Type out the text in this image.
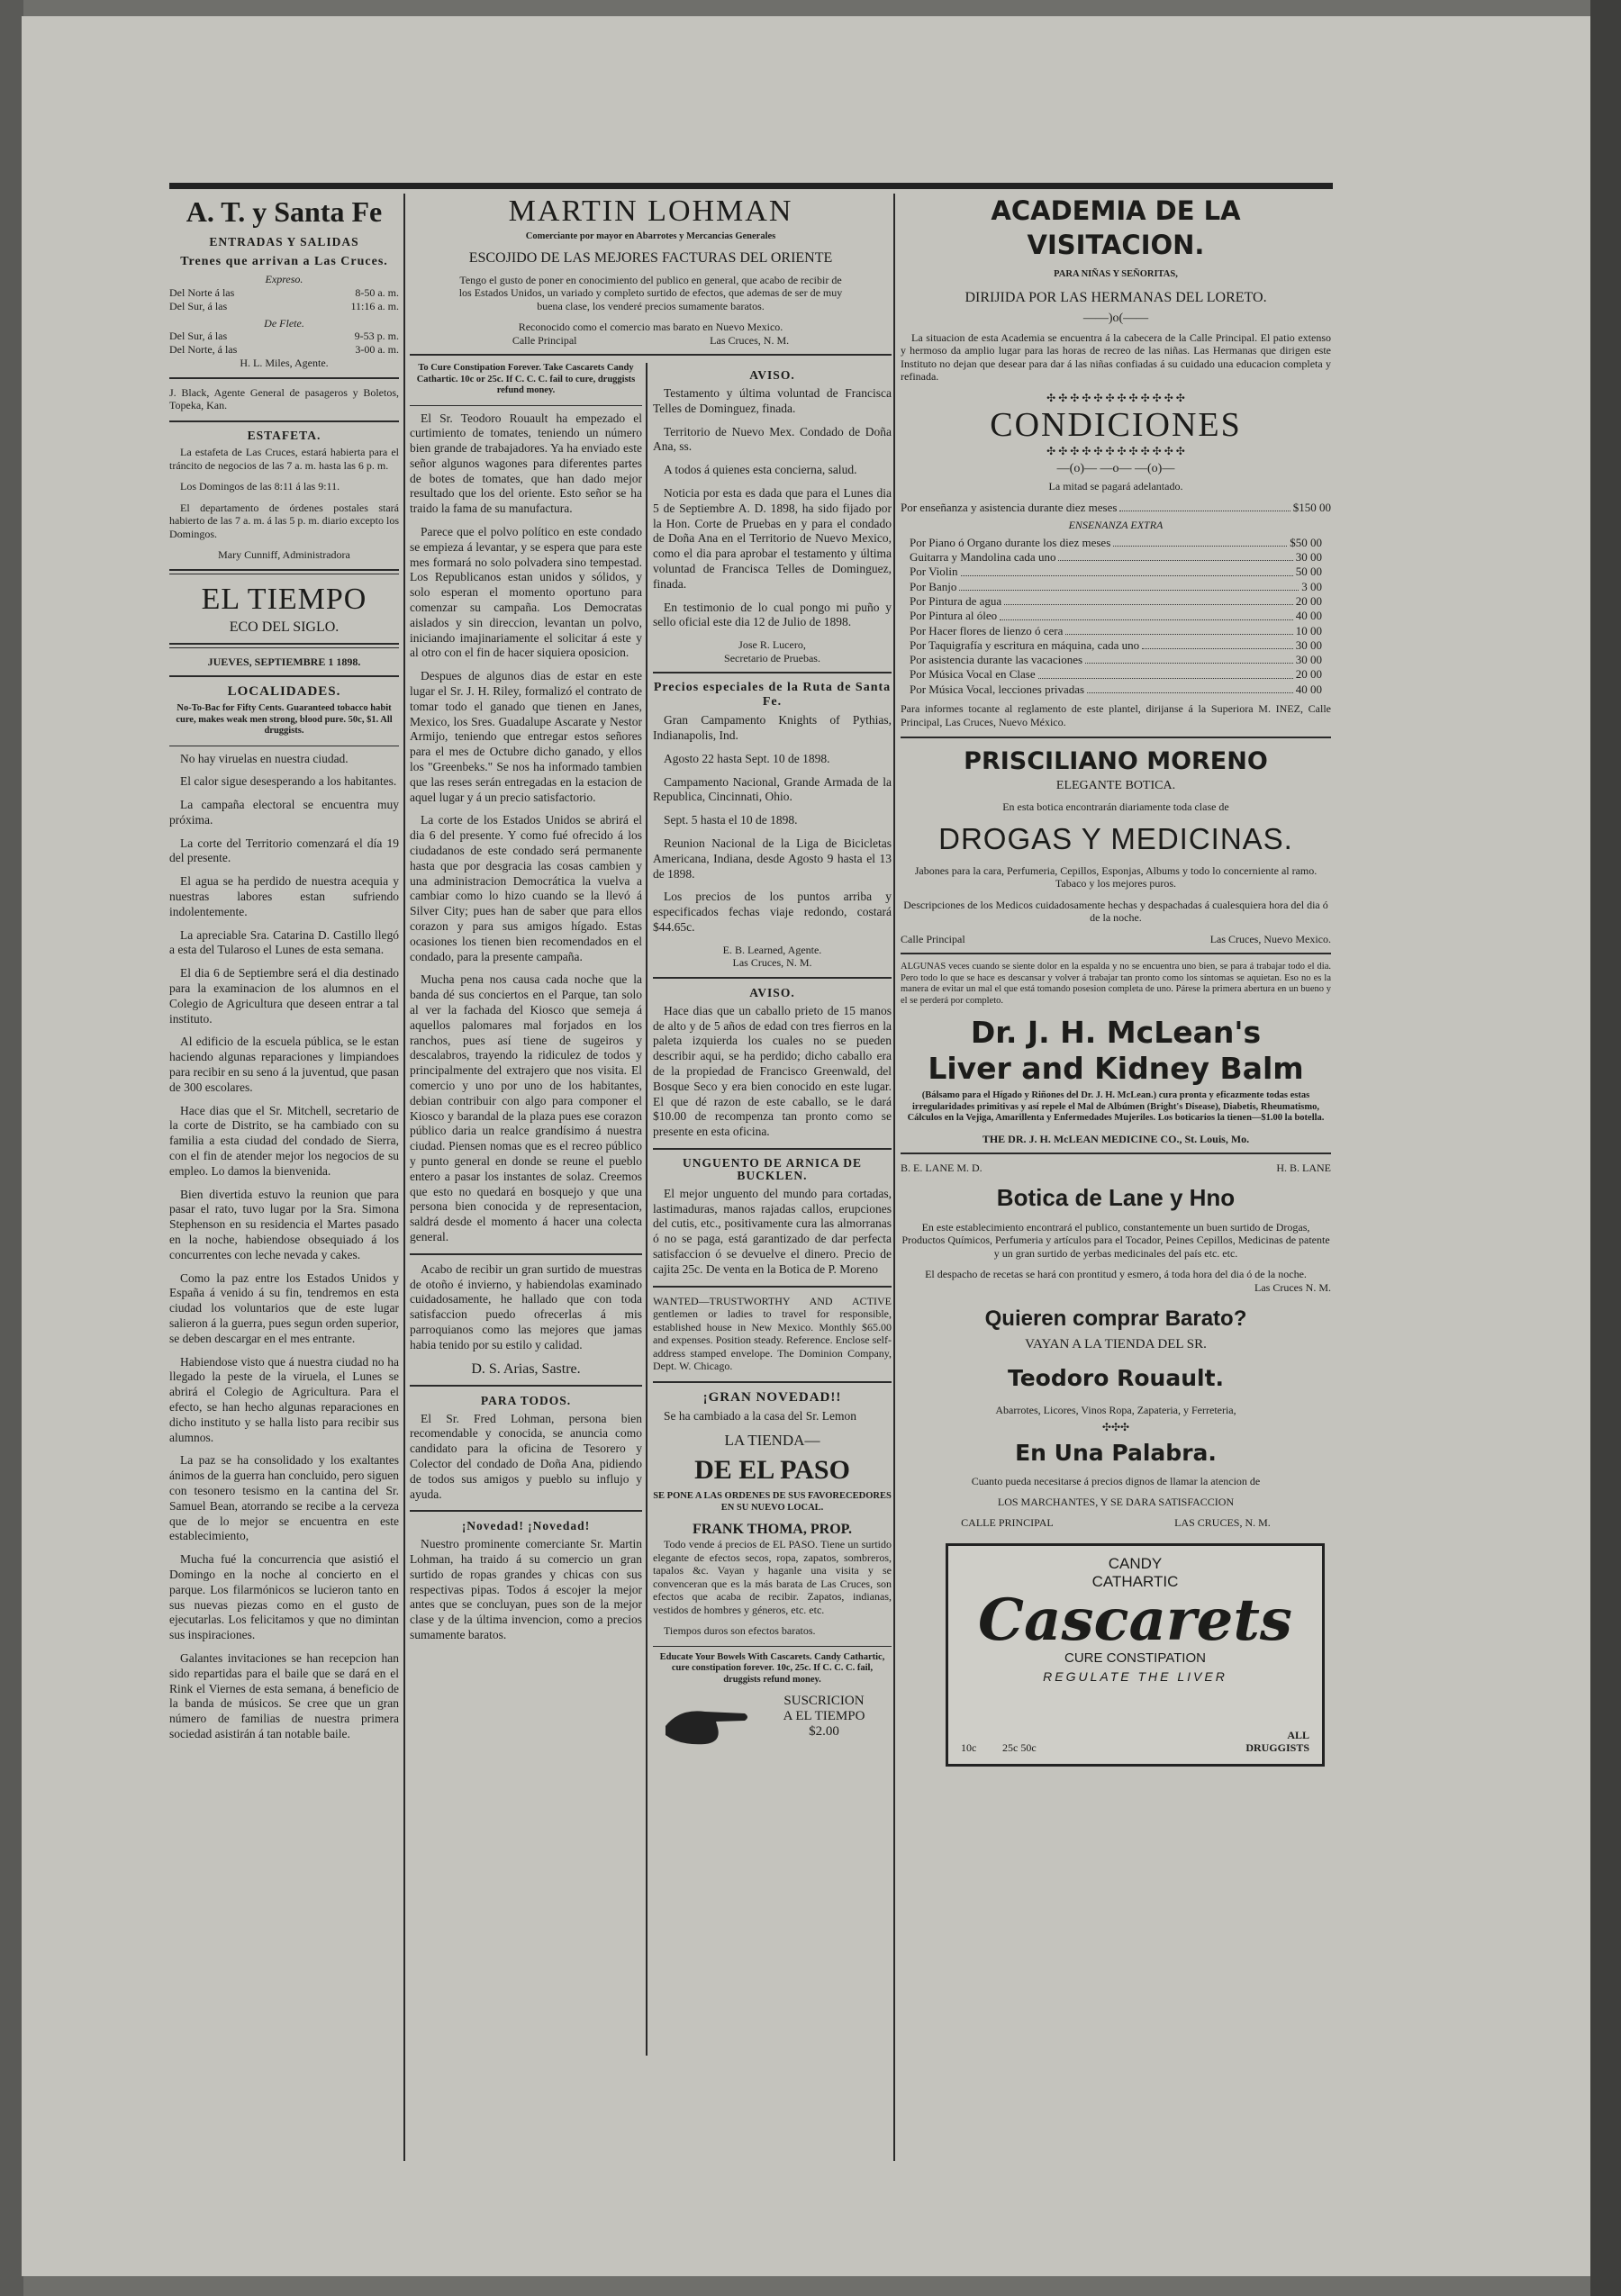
A. T. y Santa Fe
ENTRADAS Y SALIDAS
Trenes que arrivan a Las Cruces.
Expreso.
Del Norte á las	8-50 a. m.
Del Sur, á las	11:16 a. m.
De Flete.
Del Sur, á las	9-53 p. m.
Del Norte, á las	3-00 a. m.
H. L. Miles, Agente.

J. Black, Agente General de pasageros y Boletos, Topeka, Kan.

ESTAFETA.

La estafeta de Las Cruces, estará habierta para el tráncito de negocios de las 7 a. m. hasta las 6 p. m.

Los Domingos de las 8:11 á las 9:11.

El departamento de órdenes postales stará habierto de las 7 a. m. á las 5 p. m. diario excepto los Domingos.

Mary Cunniff, Administradora
EL TIEMPO
ECO DEL SIGLO.
JUEVES, SEPTIEMBRE 1 1898.
LOCALIDADES.

No-To-Bac for Fifty Cents. Guaranteed tobacco habit cure, makes weak men strong, blood pure. 50c, $1. All druggists.

No hay viruelas en nuestra ciudad.

El calor sigue desesperando a los habitantes.

La campaña electoral se encuentra muy próxima.

La corte del Territorio comenzará el día 19 del presente.

El agua se ha perdido de nuestra acequia y nuestras labores estan sufriendo indolentemente.

La apreciable Sra. Catarina D. Castillo llegó a esta del Tularoso el Lunes de esta semana.

El dia 6 de Septiembre será el dia destinado para la examinacion de los alumnos en el Colegio de Agricultura que deseen entrar a tal instituto.

Al edificio de la escuela pública, se le estan haciendo algunas reparaciones y limpiandoes para recibir en su seno á la juventud, que pasan de 300 escolares.

Hace dias que el Sr. Mitchell, secretario de la corte de Distrito, se ha cambiado con su familia a esta ciudad del condado de Sierra, con el fin de atender mejor los negocios de su empleo. Lo damos la bienvenida.

Bien divertida estuvo la reunion que para pasar el rato, tuvo lugar por la Sra. Simona Stephenson en su residencia el Martes pasado en la noche, habiendose obsequiado á los concurrentes con leche nevada y cakes.

Como la paz entre los Estados Unidos y España á venido á su fin, tendremos en esta ciudad los voluntarios que de este lugar salieron á la guerra, pues segun orden superior, se deben descargar en el mes entrante.

Habiendose visto que á nuestra ciudad no ha llegado la peste de la viruela, el Lunes se abrirá el Colegio de Agricultura. Para el efecto, se han hecho algunas reparaciones en dicho instituto y se halla listo para recibir sus alumnos.

La paz se ha consolidado y los exaltantes ánimos de la guerra han concluido, pero siguen con tesonero tesismo en la cantina del Sr. Samuel Bean, atorrando se recibe a la cerveza que de lo mejor se encuentra en este establecimiento,

Mucha fué la concurrencia que asistió el Domingo en la noche al concierto en el parque. Los filarmónicos se lucieron tanto en sus nuevas piezas como en el gusto de ejecutarlas. Los felicitamos y que no dimintan sus inspiraciones.

Galantes invitaciones se han recepcion han sido repartidas para el baile que se dará en el Rink el Viernes de esta semana, á beneficio de la banda de músicos. Se cree que un gran número de familias de nuestra primera sociedad asistirán á tan notable baile.

MARTIN LOHMAN
Comerciante por mayor en Abarrotes y Mercancias Generales
ESCOJIDO DE LAS MEJORES FACTURAS DEL ORIENTE

Tengo el gusto de poner en conocimiento del publico en general, que acabo de recibir de los Estados Unidos, un variado y completo surtido de efectos, que ademas de ser de muy buena clase, los venderé precios sumamente baratos.

Reconocido como el comercio mas barato en Nuevo Mexico.

Calle Principal	Las Cruces, N. M.

To Cure Constipation Forever. Take Cascarets Candy Cathartic. 10c or 25c. If C. C. C. fail to cure, druggists refund money.

El Sr. Teodoro Rouault ha empezado el curtimiento de tomates, teniendo un número bien grande de trabajadores. Ya ha enviado este señor algunos wagones para diferentes partes de botes de tomates, que han dado mejor resultado que los del oriente. Esto señor se ha traido la fama de su manufactura.

Parece que el polvo político en este condado se empieza á levantar, y se espera que para este mes formará no solo polvadera sino tempestad. Los Republicanos estan unidos y sólidos, y solo esperan el momento oportuno para comenzar su campaña. Los Democratas aislados y sin direccion, levantan un polvo, iniciando imajinariamente el solicitar á este y al otro con el fin de hacer siquiera oposicion.

Despues de algunos dias de estar en este lugar el Sr. J. H. Riley, formalizó el contrato de tomar todo el ganado que tienen en Janes, Mexico, los Sres. Guadalupe Ascarate y Nestor Armijo, teniendo que entregar estos señores para el mes de Octubre dicho ganado, y ellos los "Greenbeks." Se nos ha informado tambien que las reses serán entregadas en la estacion de aquel lugar y á un precio satisfactorio.

La corte de los Estados Unidos se abrirá el dia 6 del presente. Y como fué ofrecido á los ciudadanos de este condado será permanente hasta que por desgracia las cosas cambien y una administracion Democrática la vuelva a cambiar como lo hizo cuando se la llevó á Silver City; pues han de saber que para ellos corazon y para sus amigos hígado. Estas ocasiones los tienen bien recomendados en el condado, para la presente campaña.

Mucha pena nos causa cada noche que la banda dé sus conciertos en el Parque, tan solo al ver la fachada del Kiosco que semeja á aquellos palomares mal forjados en los ranchos, pues así tiene de sugeiros y descalabros, trayendo la ridiculez de todos y principalmente del extrajero que nos visita. El comercio y uno por uno de los habitantes, debian contribuir con algo para componer el Kiosco y barandal de la plaza pues ese corazon público daria un realce grandísimo á nuestra ciudad. Piensen nomas que es el recreo público y punto general en donde se reune el pueblo entero a pasar los instantes de solaz. Creemos que esto no quedará en bosquejo y que una persona bien conocida y de representacion, saldrá desde el momento á hacer una colecta general.

Acabo de recibir un gran surtido de muestras de otoño é invierno, y habiendolas examinado cuidadosamente, he hallado que con toda satisfaccion puedo ofrecerlas á mis parroquianos como las mejores que jamas habia tenido por su estilo y calidad.

D. S. Arias, Sastre.
PARA TODOS.

El Sr. Fred Lohman, persona bien recomendable y conocida, se anuncia como candidato para la oficina de Tesorero y Colector del condado de Doña Ana, pidiendo de todos sus amigos y pueblo su influjo y ayuda.

¡Novedad! ¡Novedad!

Nuestro prominente comerciante Sr. Martin Lohman, ha traido á su comercio un gran surtido de ropas grandes y chicas con sus respectivas pipas. Todos á escojer la mejor antes que se concluyan, pues son de la mejor clase y de la última invencion, como a precios sumamente baratos.

AVISO.

Testamento y última voluntad de Francisca Telles de Dominguez, finada.

Territorio de Nuevo Mex. Condado de Doña Ana, ss.

A todos á quienes esta concierna, salud.

Noticia por esta es dada que para el Lunes dia 5 de Septiembre A. D. 1898, ha sido fijado por la Hon. Corte de Pruebas en y para el condado de Doña Ana en el Territorio de Nuevo Mexico, como el dia para aprobar el testamento y última voluntad de Francisca Telles de Dominguez, finada.

En testimonio de lo cual pongo mi puño y sello oficial este dia 12 de Julio de 1898.

Jose R. Lucero,
Secretario de Pruebas.
Precios especiales de la Ruta de Santa Fe.

Gran Campamento Knights of Pythias, Indianapolis, Ind.

Agosto 22 hasta Sept. 10 de 1898.

Campamento Nacional, Grande Armada de la Republica, Cincinnati, Ohio.

Sept. 5 hasta el 10 de 1898.

Reunion Nacional de la Liga de Bicicletas Americana, Indiana, desde Agosto 9 hasta el 13 de 1898.

Los precios de los puntos arriba y especificados fechas viaje redondo, costará $44.65c.

E. B. Learned, Agente.
Las Cruces, N. M.
AVISO.

Hace dias que un caballo prieto de 15 manos de alto y de 5 años de edad con tres fierros en la paleta izquierda los cuales no se pueden describir aqui, se ha perdido; dicho caballo era de la propiedad de Francisco Greenwald, del Bosque Seco y era bien conocido en este lugar. El que dé razon de este caballo, se le dará $10.00 de recompenza tan pronto como se presente en esta oficina.

UNGUENTO DE ARNICA DE BUCKLEN.

El mejor unguento del mundo para cortadas, lastimaduras, manos rajadas callos, erupciones del cutis, etc., positivamente cura las almorranas ó no se paga, está garantizado de dar perfecta satisfaccion ó se devuelve el dinero. Precio de cajita 25c. De venta en la Botica de P. Moreno

WANTED—TRUSTWORTHY AND ACTIVE gentlemen or ladies to travel for responsible, established house in New Mexico. Monthly $65.00 and expenses. Position steady. Reference. Enclose self-address stamped envelope. The Dominion Company, Dept. W. Chicago.

¡GRAN NOVEDAD!!

Se ha cambiado a la casa del Sr. Lemon

LA TIENDA—
DE EL PASO

SE PONE A LAS ORDENES DE SUS FAVORECEDORES EN SU NUEVO LOCAL.

FRANK THOMA, PROP.

Todo vende á precios de EL PASO. Tiene un surtido elegante de efectos secos, ropa, zapatos, sombreros, tapalos &c. Vayan y haganle una visita y se convenceran que es la más barata de Las Cruces, son efectos que acaba de recibir. Zapatos, indianas, vestidos de hombres y géneros, etc. etc.

Tiempos duros son efectos baratos.

Educate Your Bowels With Cascarets. Candy Cathartic, cure constipation forever. 10c, 25c. If C. C. C. fail, druggists refund money.

SUSCRICION
A EL TIEMPO
$2.00
ACADEMIA DE LA VISITACION.
PARA NIÑAS Y SEÑORITAS,
DIRIJIDA POR LAS HERMANAS DEL LORETO.
——)o(——

La situacion de esta Academia se encuentra á la cabecera de la Calle Principal. El patio extenso y hermoso da amplio lugar para las horas de recreo de las niñas. Las Hermanas que dirigen este Instituto no dejan que desear para dar á las niñas confiadas á su cuidado una educacion completa y refinada.

✣ ✣ ✣ ✣ ✣ ✣ ✣ ✣ ✣ ✣ ✣ ✣
CONDICIONES
✣ ✣ ✣ ✣ ✣ ✣ ✣ ✣ ✣ ✣ ✣ ✣
—(o)— —o— —(o)—

La mitad se pagará adelantado.

Por enseñanza y asistencia durante diez meses	$150 00
ENSENANZA EXTRA
Por Piano ó Organo durante los diez meses	$50 00
Guitarra y Mandolina cada uno	30 00
Por Violin	50 00
Por Banjo	3 00
Por Pintura de agua	20 00
Por Pintura al óleo	40 00
Por Hacer flores de lienzo ó cera	10 00
Por Taquigrafía y escritura en máquina, cada uno	30 00
Por asistencia durante las vacaciones	30 00
Por Música Vocal en Clase	20 00
Por Música Vocal, lecciones privadas	40 00

Para informes tocante al reglamento de este plantel, dirijanse á la Superiora M. INEZ, Calle Principal, Las Cruces, Nuevo México.

PRISCILIANO MORENO
ELEGANTE BOTICA.

En esta botica encontrarán diariamente toda clase de

DROGAS Y MEDICINAS.

Jabones para la cara, Perfumeria, Cepillos, Esponjas, Albums y todo lo concerniente al ramo. Tabaco y los mejores puros.

Descripciones de los Medicos cuidadosamente hechas y despachadas á cualesquiera hora del dia ó de la noche.

Calle Principal	Las Cruces, Nuevo Mexico.

ALGUNAS veces cuando se siente dolor en la espalda y no se encuentra uno bien, se para á trabajar todo el dia. Pero todo lo que se hace es descansar y volver á trabajar tan pronto como los síntomas se aquietan. Eso no es la manera de evitar un mal el que está tomando posesion completa de uno. Párese la primera abertura en un bueno y el se perderá por completo.

Dr. J. H. McLean's
Liver and Kidney Balm

(Bálsamo para el Hígado y Riñones del Dr. J. H. McLean.) cura pronta y eficazmente todas estas irregularidades primitivas y así repele el Mal de Albúmen (Bright's Disease), Diabetis, Rheumatismo, Cálculos en la Vejiga, Amarillenta y Enfermedades Mujeriles. Los boticarios la tienen—$1.00 la botella.

THE DR. J. H. McLEAN MEDICINE CO., St. Louis, Mo.
B. E. LANE M. D.	H. B. LANE
Botica de Lane y Hno

En este establecimiento encontrará el publico, constantemente un buen surtido de Drogas, Productos Químicos, Perfumeria y artículos para el Tocador, Peines Cepillos, Medicinas de patente y un gran surtido de yerbas medicinales del país etc. etc.

El despacho de recetas se hará con prontitud y esmero, á toda hora del dia ó de la noche.

Las Cruces N. M.
Quieren comprar Barato?
VAYAN A LA TIENDA DEL SR.
Teodoro Rouault.
Abarrotes, Licores, Vinos Ropa, Zapateria, y Ferreteria,
✣✣✣
En Una Palabra.

Cuanto pueda necesitarse á precios dignos de llamar la atencion de

LOS MARCHANTES, Y SE DARA SATISFACCION
CALLE PRINCIPAL	LAS CRUCES, N. M.
CANDY
CATHARTIC
Cascarets
CURE CONSTIPATION
REGULATE THE LIVER
10c 25c 50c
ALL
DRUGGISTS
